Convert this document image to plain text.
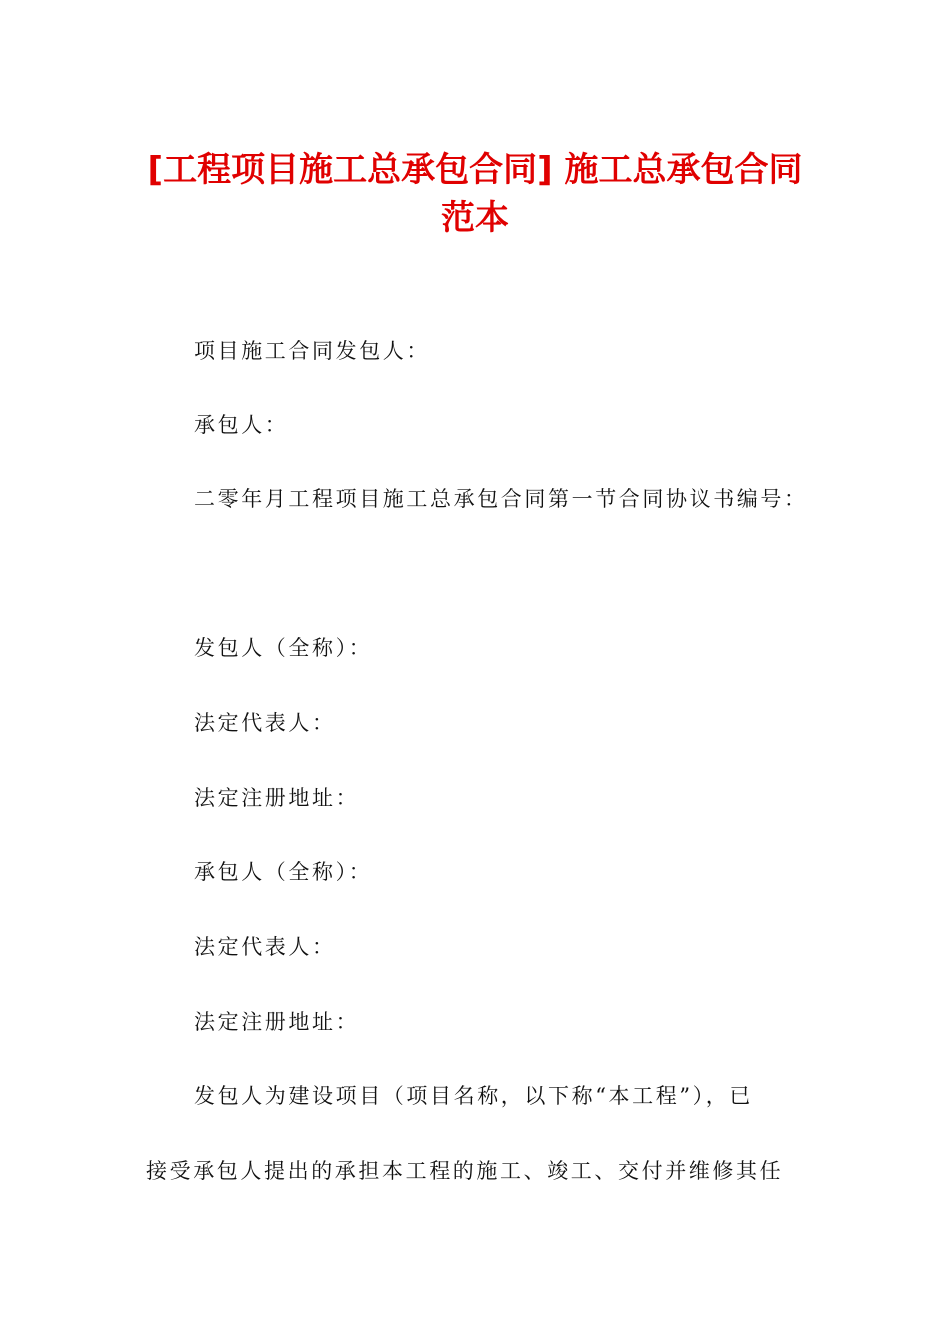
[工程项目施工总承包合同] 施工总承包合同
范本
项目施工合同发包人：
承包人：
二零年月工程项目施工总承包合同第一节合同协议书编号：
发包人（全称）：
法定代表人：
法定注册地址：
承包人（全称）：
法定代表人：
法定注册地址：
发包人为建设项目（项目名称，以下称“本工程”），已
接受承包人提出的承担本工程的施工、竣工、交付并维修其任
